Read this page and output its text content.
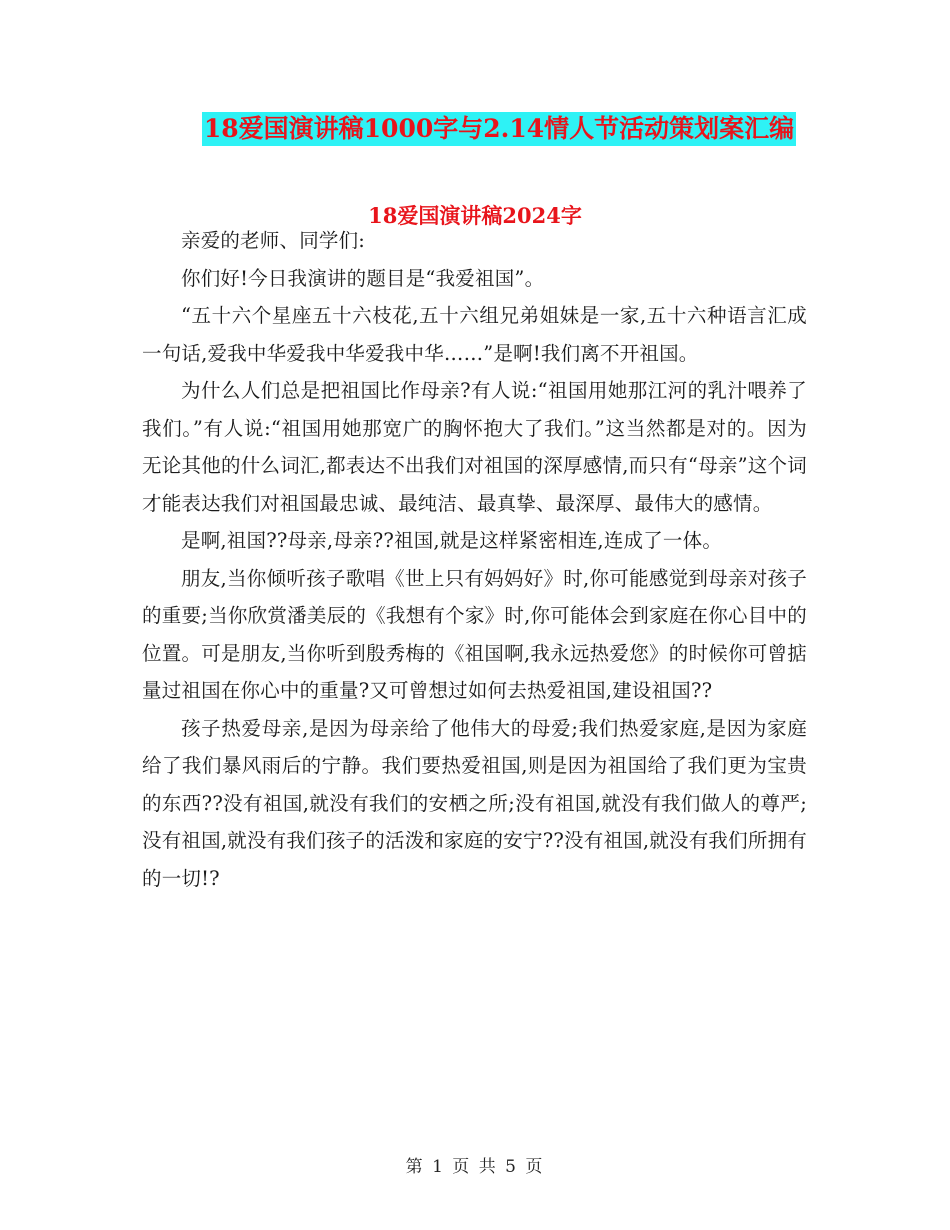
18爱国演讲稿1000字与2.14情人节活动策划案汇编
18爱国演讲稿2024字

亲爱的老师、同学们:

你们好!今日我演讲的题目是“我爱祖国”。

“五十六个星座五十六枝花,五十六组兄弟姐妹是一家,五十六种语言汇成一句话,爱我中华爱我中华爱我中华……”是啊!我们离不开祖国。

为什么人们总是把祖国比作母亲?有人说:“祖国用她那江河的乳汁喂养了我们。”有人说:“祖国用她那宽广的胸怀抱大了我们。”这当然都是对的。因为无论其他的什么词汇,都表达不出我们对祖国的深厚感情,而只有“母亲”这个词才能表达我们对祖国最忠诚、最纯洁、最真挚、最深厚、最伟大的感情。

是啊,祖国??母亲,母亲??祖国,就是这样紧密相连,连成了一体。

朋友,当你倾听孩子歌唱《世上只有妈妈好》时,你可能感觉到母亲对孩子的重要;当你欣赏潘美辰的《我想有个家》时,你可能体会到家庭在你心目中的位置。可是朋友,当你听到殷秀梅的《祖国啊,我永远热爱您》的时候你可曾掂量过祖国在你心中的重量?又可曾想过如何去热爱祖国,建设祖国??

孩子热爱母亲,是因为母亲给了他伟大的母爱;我们热爱家庭,是因为家庭给了我们暴风雨后的宁静。我们要热爱祖国,则是因为祖国给了我们更为宝贵的东西??没有祖国,就没有我们的安栖之所;没有祖国,就没有我们做人的尊严;没有祖国,就没有我们孩子的活泼和家庭的安宁??没有祖国,就没有我们所拥有的一切!?

第 1 页 共 5 页
